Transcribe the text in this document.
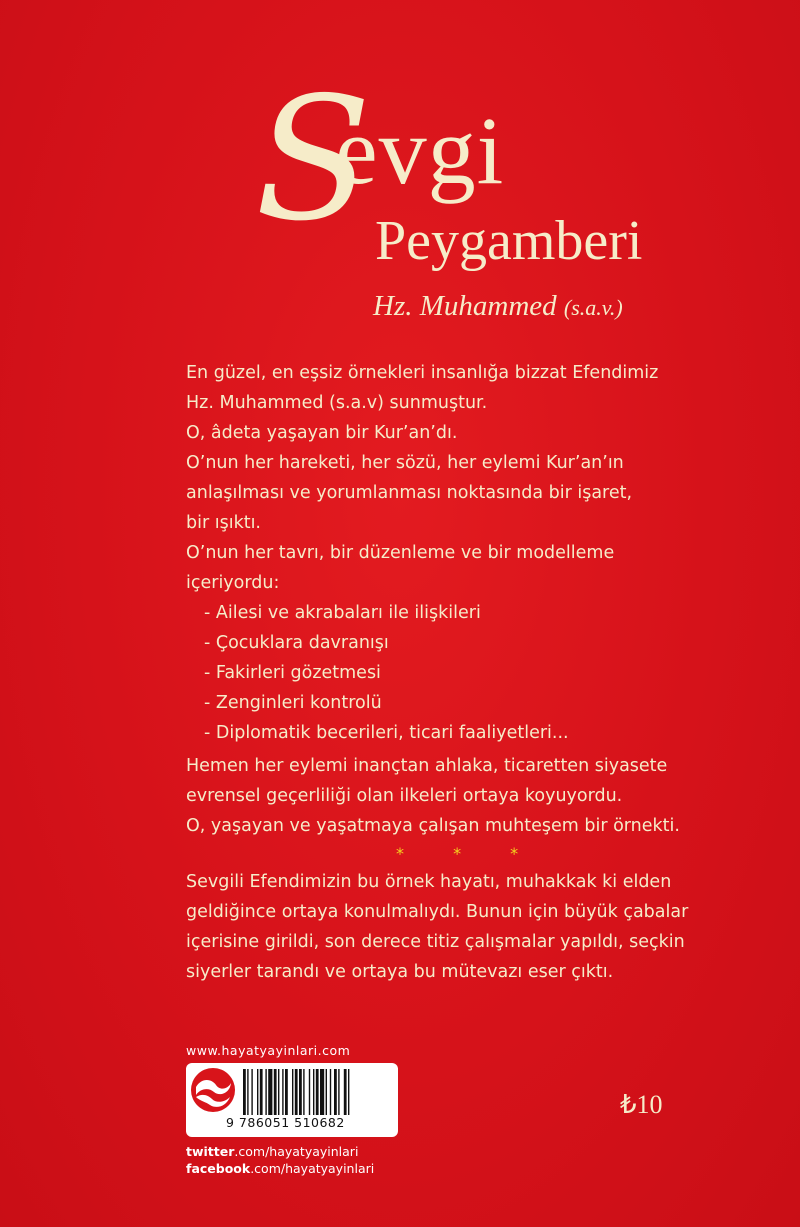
S
evgi
Peygamberi
Hz. Muhammed (s.a.v.)
En güzel, en eşsiz örnekleri insanlığa bizzat Efendimiz
Hz. Muhammed (s.a.v) sunmuştur.
O, âdeta yaşayan bir Kur’an’dı.
O’nun her hareketi, her sözü, her eylemi Kur’an’ın
anlaşılması ve yorumlanması noktasında bir işaret,
bir ışıktı.
O’nun her tavrı, bir düzenleme ve bir modelleme
içeriyordu:
- Ailesi ve akrabaları ile ilişkileri
- Çocuklara davranışı
- Fakirleri gözetmesi
- Zenginleri kontrolü
- Diplomatik becerileri, ticari faaliyetleri...
Hemen her eylemi inançtan ahlaka, ticaretten siyasete
evrensel geçerliliği olan ilkeleri ortaya koyuyordu.
O, yaşayan ve yaşatmaya çalışan muhteşem bir örnekti.
* * *
Sevgili Efendimizin bu örnek hayatı, muhakkak ki elden
geldiğince ortaya konulmalıydı. Bunun için büyük çabalar
içerisine girildi, son derece titiz çalışmalar yapıldı, seçkin
siyerler tarandı ve ortaya bu mütevazı eser çıktı.
www.hayatyayinlari.com
9 786051 510682
twitter.com/hayatyayinlari
facebook.com/hayatyayinlari
₺10
